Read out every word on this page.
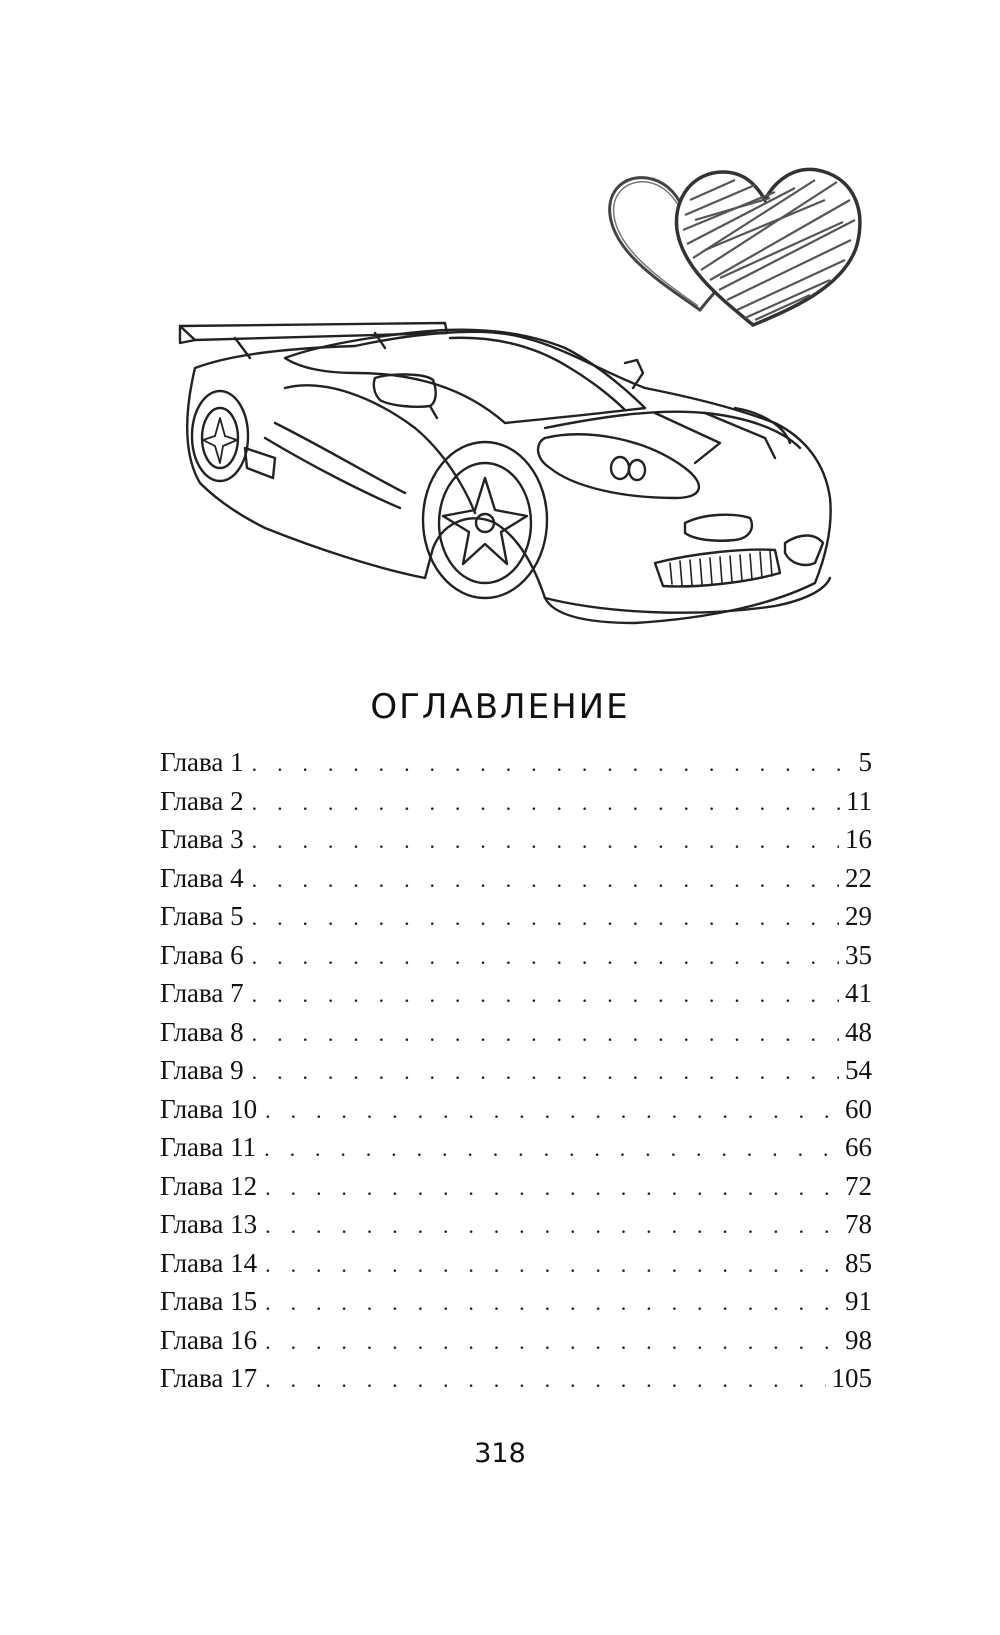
ОГЛАВЛЕНИЕ
Глава 1 . . .	5
Глава 2 . . .	11
Глава 3 . . .	16
Глава 4 . . .	22
Глава 5 . . .	29
Глава 6 . . .	35
Глава 7 . . .	41
Глава 8 . . .	48
Глава 9 . . .	54
Глава 10 . . .	60
Глава 11 . . .	66
Глава 12 . . .	72
Глава 13 . . .	78
Глава 14 . . .	85
Глава 15 . . .	91
Глава 16 . . .	98
Глава 17 . . .	105
318
